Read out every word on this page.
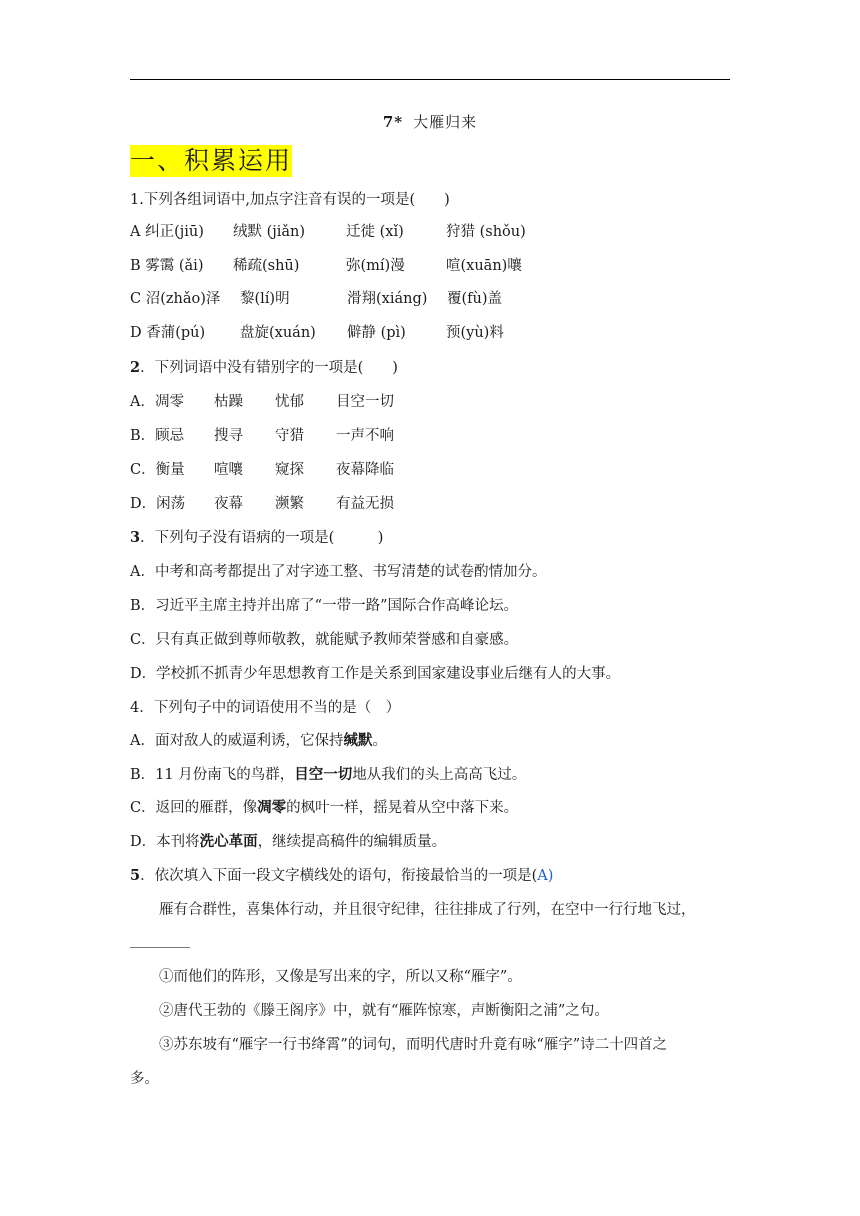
7* 大雁归来
一、积累运用
1.下列各组词语中,加点字注音有误的一项是(　　)
A 纠正(jiū)	绒默 (jiǎn)	迁徙 (xǐ)	狩猎 (shǒu)
B 雾霭 (ǎi)	稀疏(shū)	弥(mí)漫	喧(xuān)嚷
C 沼(zhǎo)泽	黎(lí)明	滑翔(xiáng)	覆(fù)盖
D 香蒲(pú)	盘旋(xuán)	僻静 (pì)	预(yù)料
2．下列词语中没有错别字的一项是(　　)
A．凋零	枯躁	忧郁	目空一切
B．顾忌	搜寻	守猎	一声不响
C．衡量	喧嚷	窥探	夜幕降临
D．闲荡	夜幕	濒繁	有益无损
3．下列句子没有语病的一项是(　　　)
A．中考和高考都提出了对字迹工整、书写清楚的试卷酌情加分。
B．习近平主席主持并出席了“一带一路”国际合作高峰论坛。
C．只有真正做到尊师敬教，就能赋予教师荣誉感和自豪感。
D．学校抓不抓青少年思想教育工作是关系到国家建设事业后继有人的大事。
4．下列句子中的词语使用不当的是（　）
A．面对敌人的威逼利诱，它保持缄默。
B．11 月份南飞的鸟群，目空一切地从我们的头上高高飞过。
C．返回的雁群，像凋零的枫叶一样，摇晃着从空中落下来。
D．本刊将洗心革面，继续提高稿件的编辑质量。
5．依次填入下面一段文字横线处的语句，衔接最恰当的一项是(A)
雁有合群性，喜集体行动，并且很守纪律，往往排成了行列，在空中一行行地飞过，
①而他们的阵形，又像是写出来的字，所以又称“雁字”。
②唐代王勃的《滕王阁序》中，就有“雁阵惊寒，声断衡阳之浦”之句。
③苏东坡有“雁字一行书绛霄”的词句，而明代唐时升竟有咏“雁字”诗二十四首之
多。
